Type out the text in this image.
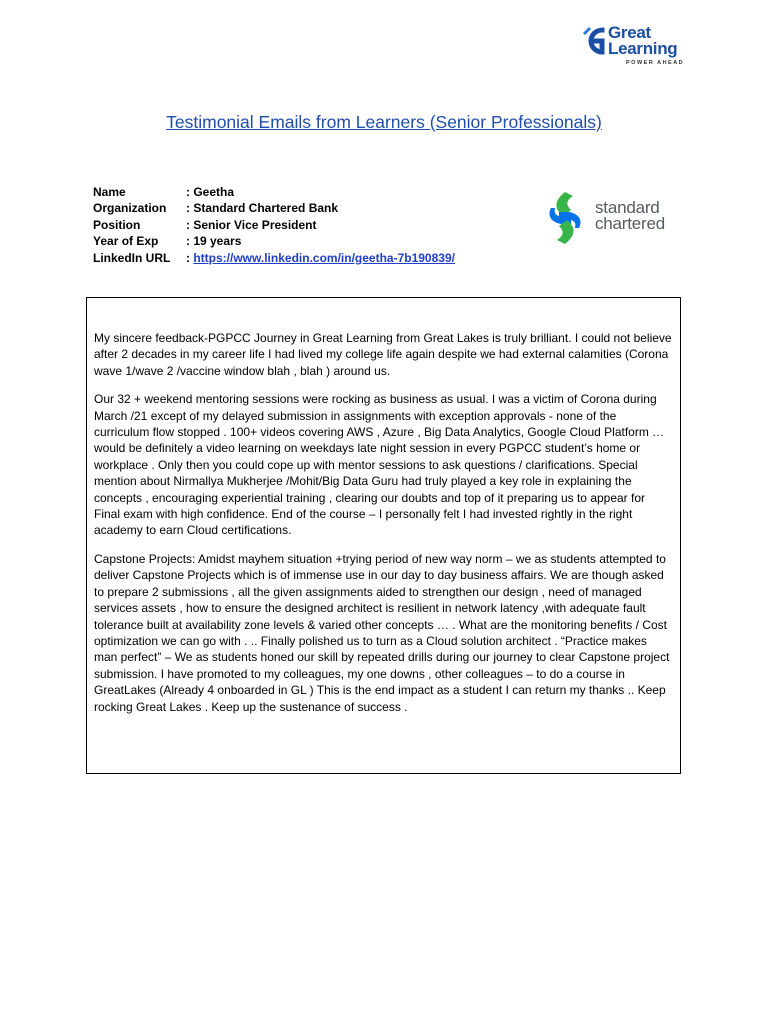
Great
Learning
POWER AHEAD
Testimonial Emails from Learners (Senior Professionals)
Name	: Geetha
Organization	: Standard Chartered Bank
Position	: Senior Vice President
Year of Exp	: 19 years
LinkedIn URL	: https://www.linkedin.com/in/geetha-7b190839/
standard
chartered

My sincere feedback-PGPCC Journey in Great Learning from Great Lakes is truly brilliant. I could not believe after 2 decades in my career life I had lived my college life again despite we had external calamities (Corona wave 1/wave 2 /vaccine window blah , blah ) around us.

Our 32 + weekend mentoring sessions were rocking as business as usual. I was a victim of Corona during March /21 except of my delayed submission in assignments with exception approvals - none of the curriculum flow stopped . 100+ videos covering AWS , Azure , Big Data Analytics, Google Cloud Platform … would be definitely a video learning on weekdays late night session in every PGPCC student’s home or workplace . Only then you could cope up with mentor sessions to ask questions / clarifications. Special mention about Nirmallya Mukherjee /Mohit/Big Data Guru had truly played a key role in explaining the concepts , encouraging experiential training , clearing our doubts and top of it preparing us to appear for Final exam with high confidence. End of the course – I personally felt I had invested rightly in the right academy to earn Cloud certifications.

Capstone Projects: Amidst mayhem situation +trying period of new way norm – we as students attempted to deliver Capstone Projects which is of immense use in our day to day business affairs. We are though asked to prepare 2 submissions , all the given assignments aided to strengthen our design , need of managed services assets , how to ensure the designed architect is resilient in network latency ,with adequate fault tolerance built at availability zone levels & varied other concepts … . What are the monitoring benefits / Cost optimization we can go with . .. Finally polished us to turn as a Cloud solution architect . “Practice makes man perfect” – We as students honed our skill by repeated drills during our journey to clear Capstone project submission. I have promoted to my colleagues, my one downs , other colleagues – to do a course in GreatLakes (Already 4 onboarded in GL ) This is the end impact as a student I can return my thanks .. Keep rocking Great Lakes . Keep up the sustenance of success .
